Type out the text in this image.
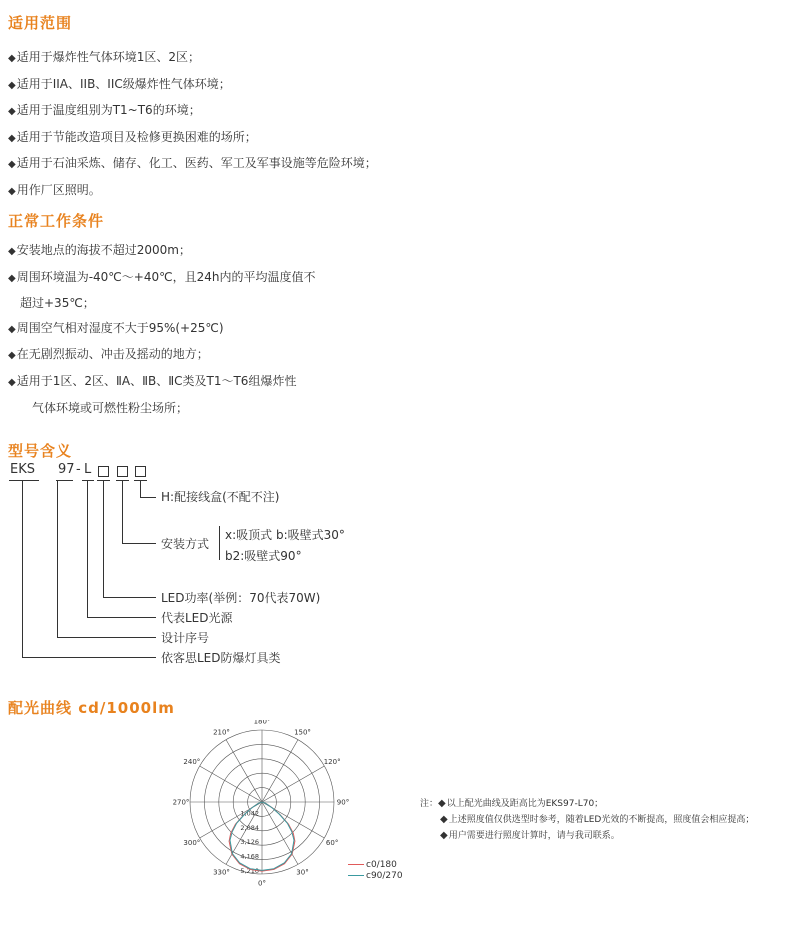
适用范围
◆适用于爆炸性气体环境1区、2区；
◆适用于IIA、IIB、IIC级爆炸性气体环境；
◆适用于温度组别为T1~T6的环境；
◆适用于节能改造项目及检修更换困难的场所；
◆适用于石油采炼、储存、化工、医药、军工及军事设施等危险环境；
◆用作厂区照明。
正常工作条件
◆安装地点的海拔不超过2000m；
◆周围环境温为-40℃～+40℃，且24h内的平均温度值不
超过+35℃；
◆周围空气相对湿度不大于95%(+25℃)
◆在无剧烈振动、冲击及摇动的地方；
◆适用于1区、2区、ⅡA、ⅡB、ⅡC类及T1～T6组爆炸性
气体环境或可燃性粉尘场所；
型号含义
EKS 97 - L
H:配接线盒(不配不注)
安装方式
x:吸顶式 b:吸壁式30°
b2:吸壁式90°
LED功率(举例：70代表70W)
代表LED光源
设计序号
依客思LED防爆灯具类
配光曲线 cd/1000lm
180°
150°
120°
90°
60°
30°
0°
330°
300°
270°
240°
210°
1,042
2,084
3,126
4,168
5,210
c0/180
c90/270
注：◆以上配光曲线及距高比为EKS97-L70；
◆上述照度值仅供选型时参考，随着LED光效的不断提高，照度值会相应提高；
◆用户需要进行照度计算时，请与我司联系。
